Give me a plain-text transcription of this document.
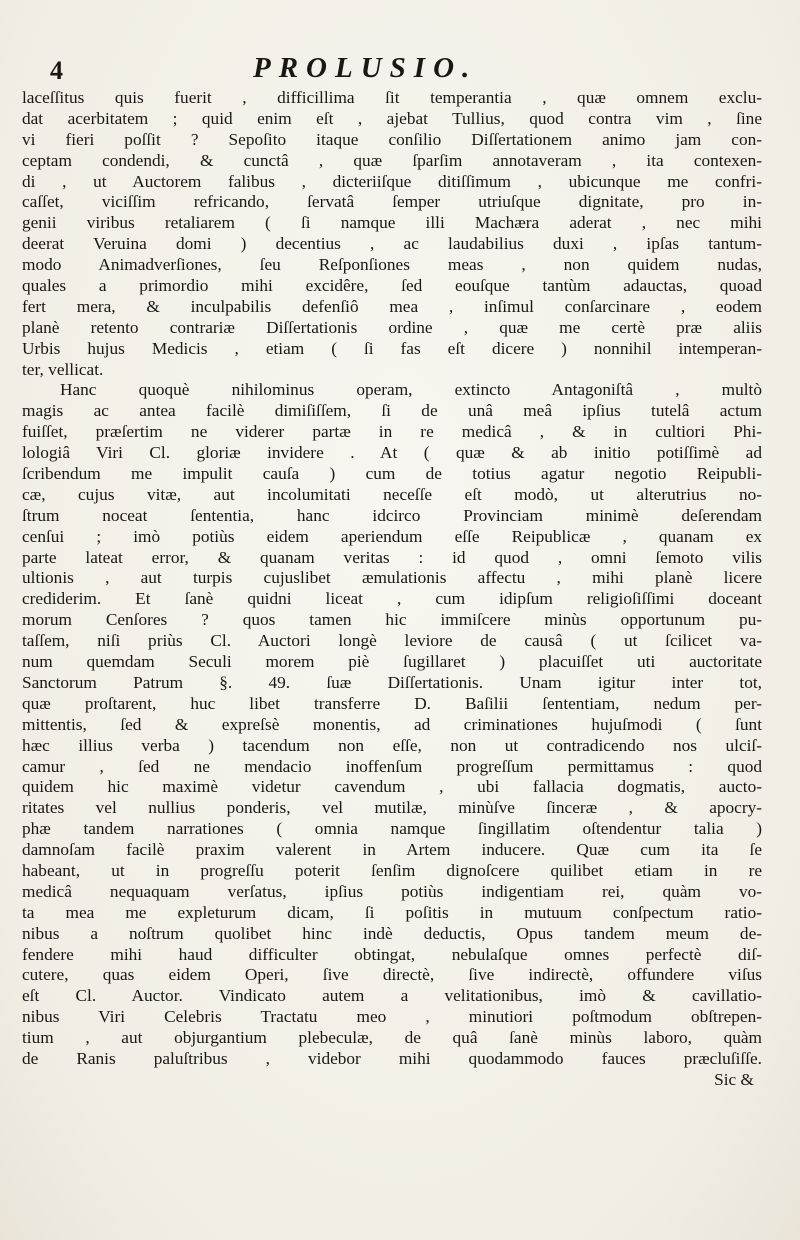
4	PROLUSIO.
laceſſitus quis fuerit , difficillima ſit temperantia , quæ omnem exclu-
dat acerbitatem ; quid enim eſt , ajebat Tullius, quod contra vim , ſine
vi fieri poſſit ? Sepoſito itaque conſilio Diſſertationem animo jam con-
ceptam condendi, & cunctâ , quæ ſparſim annotaveram , ita contexen-
di , ut Auctorem falibus , dicteriiſque ditiſſimum , ubicunque me confri-
caſſet, viciſſim refricando, ſervatâ ſemper utriuſque dignitate, pro in-
genii viribus retaliarem ( ſi namque illi Machæra aderat , nec mihi
deerat Veruina domi ) decentius , ac laudabilius duxi , ipſas tantum-
modo Animadverſiones, ſeu Reſponſiones meas , non quidem nudas,
quales a primordio mihi excidêre, ſed eouſque tantùm adauctas, quoad
fert mera, & inculpabilis defenſiô mea , inſimul conſarcinare , eodem
planè retento contrariæ Diſſertationis ordine , quæ me certè præ aliis
Urbis hujus Medicis , etiam ( ſi fas eſt dicere ) nonnihil intemperan-
ter, vellicat.
Hanc quoquè nihilominus operam, extincto Antagoniſtâ , multò
magis ac antea facilè dimiſiſſem, ſi de unâ meâ ipſius tutelâ actum
fuiſſet, præſertim ne viderer partæ in re medicâ , & in cultiori Phi-
lologiâ Viri Cl. gloriæ invidere . At ( quæ & ab initio potiſſimè ad
ſcribendum me impulit cauſa ) cum de totius agatur negotio Reipubli-
cæ, cujus vitæ, aut incolumitati neceſſe eſt modò, ut alterutrius no-
ſtrum noceat ſententia, hanc idcirco Provinciam minimè deſerendam
cenſui ; imò potiùs eidem aperiendum eſſe Reipublicæ , quanam ex
parte lateat error, & quanam veritas : id quod , omni ſemoto vilis
ultionis , aut turpis cujuslibet æmulationis affectu , mihi planè licere
crediderim. Et ſanè quidni liceat , cum idipſum religioſiſſimi doceant
morum Cenſores ? quos tamen hic immiſcere minùs opportunum pu-
taſſem, niſi priùs Cl. Auctori longè leviore de causâ ( ut ſcilicet va-
num quemdam Seculi morem piè ſugillaret ) placuiſſet uti auctoritate
Sanctorum Patrum §. 49. ſuæ Diſſertationis. Unam igitur inter tot,
quæ proſtarent, huc libet transferre D. Baſilii ſententiam, nedum per-
mittentis, ſed & expreſsè monentis, ad criminationes hujuſmodi ( ſunt
hæc illius verba ) tacendum non eſſe, non ut contradicendo nos ulciſ-
camur , ſed ne mendacio inoffenſum progreſſum permittamus : quod
quidem hic maximè videtur cavendum , ubi fallacia dogmatis, aucto-
ritates vel nullius ponderis, vel mutilæ, minùſve ſinceræ , & apocry-
phæ tandem narrationes ( omnia namque ſingillatim oſtendentur talia )
damnoſam facilè praxim valerent in Artem inducere. Quæ cum ita ſe
habeant, ut in progreſſu poterit ſenſim dignoſcere quilibet etiam in re
medicâ nequaquam verſatus, ipſius potiùs indigentiam rei, quàm vo-
ta mea me expleturum dicam, ſi poſitis in mutuum conſpectum ratio-
nibus a noſtrum quolibet hinc indè deductis, Opus tandem meum de-
fendere mihi haud difficulter obtingat, nebulaſque omnes perfectè diſ-
cutere, quas eidem Operi, ſive directè, ſive indirectè, offundere viſus
eſt Cl. Auctor. Vindicato autem a velitationibus, imò & cavillatio-
nibus Viri Celebris Tractatu meo , minutiori poſtmodum obſtrepen-
tium , aut objurgantium plebeculæ, de quâ ſanè minùs laboro, quàm
de Ranis paluſtribus , videbor mihi quodammodo fauces præcluſiſſe.
Sic &
